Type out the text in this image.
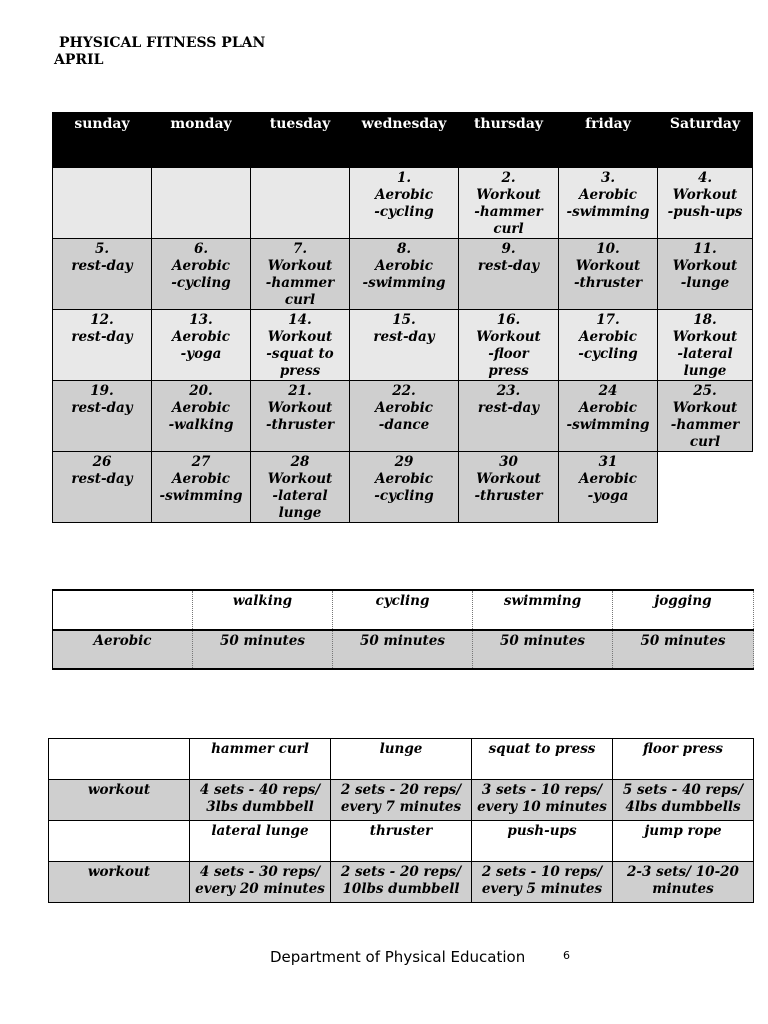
PHYSICAL FITNESS PLAN
APRIL
sunday	monday	tuesday	wednesday	thursday	friday	Saturday

			1.
Aerobic
-cycling	2.
Workout
-hammer
curl	3.
Aerobic
-swimming	4.
Workout
-push-ups

5.
rest-day	6.
Aerobic
-cycling	7.
Workout
-hammer
curl	8.
Aerobic
-swimming	9.
rest-day	10.
Workout
-thruster	11.
Workout
-lunge

12.
rest-day	13.
Aerobic
-yoga	14.
Workout
-squat to
press	15.
rest-day	16.
Workout
-floor
press	17.
Aerobic
-cycling	18.
Workout
-lateral
lunge

19.
rest-day	20.
Aerobic
-walking	21.
Workout
-thruster	22.
Aerobic
-dance	23.
rest-day	24
Aerobic
-swimming	25.
Workout
-hammer
curl

26
rest-day	27
Aerobic
-swimming	28
Workout
-lateral
lunge	29
Aerobic
-cycling	30
Workout
-thruster	31
Aerobic
-yoga	

	walking	cycling	swimming	jogging
Aerobic	50 minutes	50 minutes	50 minutes	50 minutes

	hammer curl	lunge	squat to press	floor press

workout	4 sets - 40 reps/
3lbs dumbbell	2 sets - 20 reps/
every 7 minutes	3 sets - 10 reps/
every 10 minutes	5 sets - 40 reps/
4lbs dumbbells

	lateral lunge	thruster	push-ups	jump rope

workout	4 sets - 30 reps/
every 20 minutes	2 sets - 20 reps/
10lbs dumbbell	2 sets - 10 reps/
every 5 minutes	2-3 sets/ 10-20
minutes
Department of Physical Education	6
